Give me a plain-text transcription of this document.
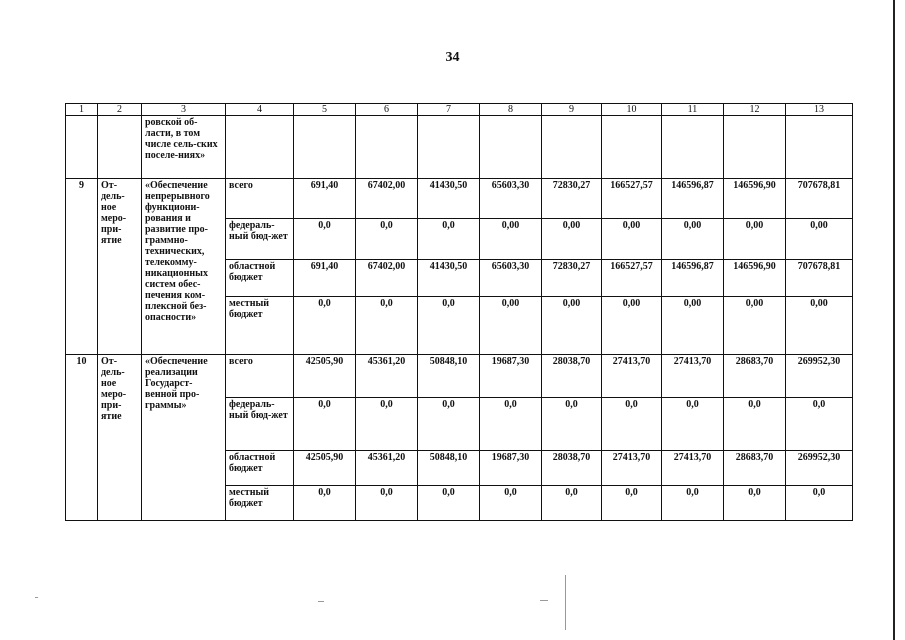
34
1	2	3	4	5	6	7	8	9	10	11	12	13
		ровской об-ласти, в том числе сель-ских поселе-ниях»										
9	От-дель-ное меро-при-ятие	«Обеспечение непрерывного функциони-рования и развитие про-граммно-технических, телекомму-никационных систем обес-печения ком-плексной без-опасности»	всего	691,40	67402,00	41430,50	65603,30	72830,27	166527,57	146596,87	146596,90	707678,81
			федераль-ный бюд-жет	0,0	0,0	0,0	0,00	0,00	0,00	0,00	0,00	0,00
			областной бюджет	691,40	67402,00	41430,50	65603,30	72830,27	166527,57	146596,87	146596,90	707678,81
			местный бюджет	0,0	0,0	0,0	0,00	0,00	0,00	0,00	0,00	0,00
10	От-дель-ное меро-при-ятие	«Обеспечение реализации Государст-венной про-граммы»	всего	42505,90	45361,20	50848,10	19687,30	28038,70	27413,70	27413,70	28683,70	269952,30
			федераль-ный бюд-жет	0,0	0,0	0,0	0,0	0,0	0,0	0,0	0,0	0,0
			областной бюджет	42505,90	45361,20	50848,10	19687,30	28038,70	27413,70	27413,70	28683,70	269952,30
			местный бюджет	0,0	0,0	0,0	0,0	0,0	0,0	0,0	0,0	0,0
